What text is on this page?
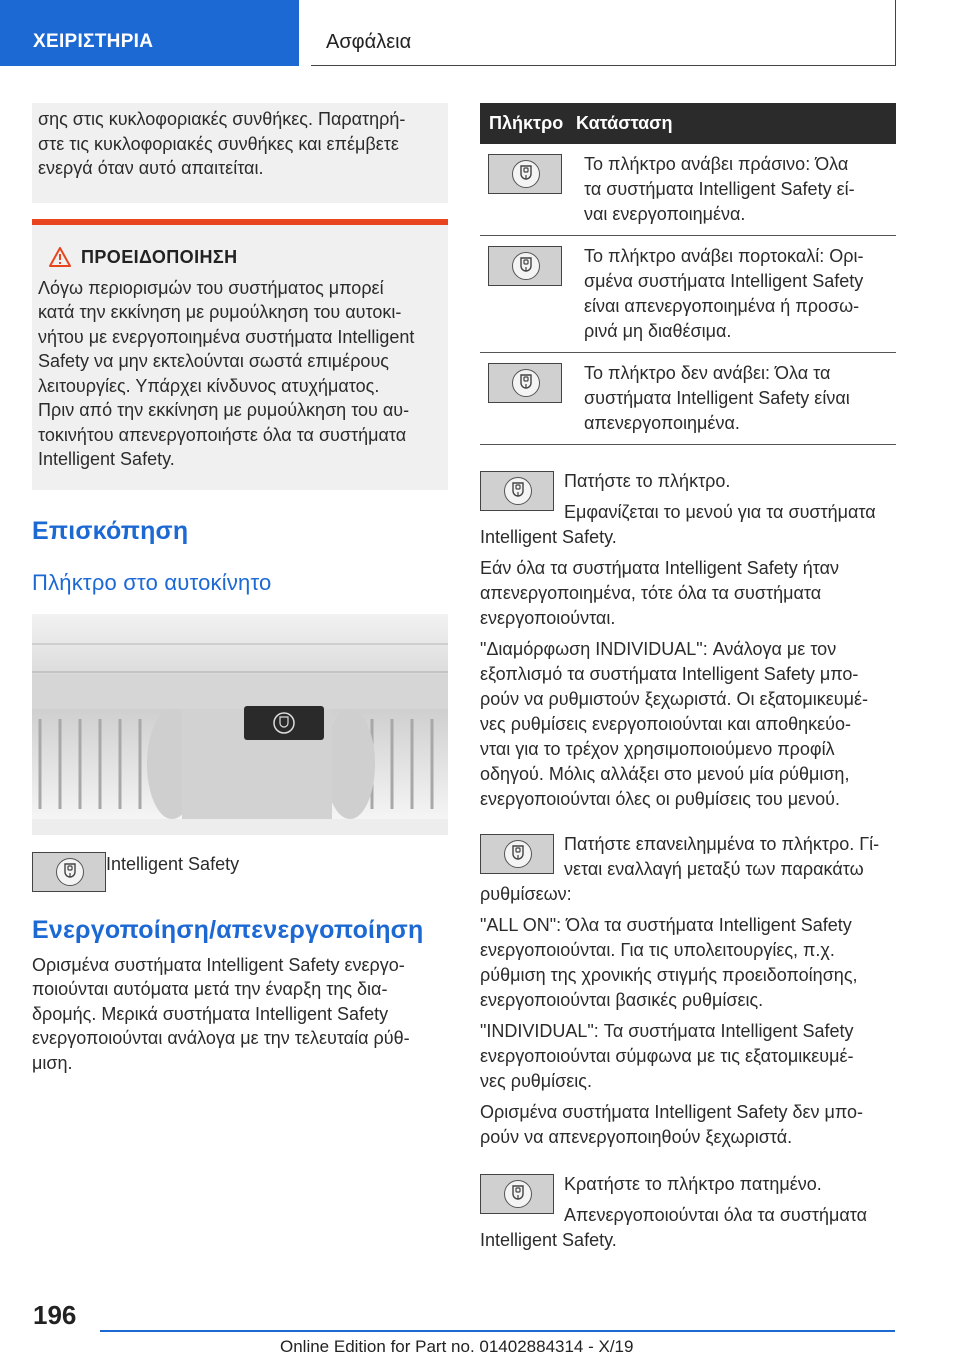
ΧΕΙΡΙΣΤΗΡΙΑ	Ασφάλεια
σης στις κυκλοφοριακές συνθήκες. Παρατηρή-
στε τις κυκλοφοριακές συνθήκες και επέμβετε
ενεργά όταν αυτό απαιτείται.
ΠΡΟΕΙΔΟΠΟΙΗΣΗ
Λόγω περιορισμών του συστήματος μπορεί
κατά την εκκίνηση με ρυμούλκηση του αυτοκι-
νήτου με ενεργοποιημένα συστήματα Intelligent
Safety να μην εκτελούνται σωστά επιμέρους
λειτουργίες. Υπάρχει κίνδυνος ατυχήματος.
Πριν από την εκκίνηση με ρυμούλκηση του αυ-
τοκινήτου απενεργοποιήστε όλα τα συστήματα
Intelligent Safety.
Επισκόπηση
Πλήκτρο στο αυτοκίνητο
Intelligent Safety
Ενεργοποίηση/απενεργοποίηση
Ορισμένα συστήματα Intelligent Safety ενεργο-
ποιούνται αυτόματα μετά την έναρξη της δια-
δρομής. Μερικά συστήματα Intelligent Safety
ενεργοποιούνται ανάλογα με την τελευταία ρύθ-
μιση.
Πλήκτρο Κατάσταση
Το πλήκτρο ανάβει πράσινο: Όλα
τα συστήματα Intelligent Safety εί-
ναι ενεργοποιημένα.
Το πλήκτρο ανάβει πορτοκαλί: Ορι-
σμένα συστήματα Intelligent Safety
είναι απενεργοποιημένα ή προσω-
ρινά μη διαθέσιμα.
Το πλήκτρο δεν ανάβει: Όλα τα
συστήματα Intelligent Safety είναι
απενεργοποιημένα.
Πατήστε το πλήκτρο.
Εμφανίζεται το μενού για τα συστήματα
Intelligent Safety.
Εάν όλα τα συστήματα Intelligent Safety ήταν
απενεργοποιημένα, τότε όλα τα συστήματα
ενεργοποιούνται.
"Διαμόρφωση INDIVIDUAL": Ανάλογα με τον
εξοπλισμό τα συστήματα Intelligent Safety μπο-
ρούν να ρυθμιστούν ξεχωριστά. Οι εξατομικευμέ-
νες ρυθμίσεις ενεργοποιούνται και αποθηκεύο-
νται για το τρέχον χρησιμοποιούμενο προφίλ
οδηγού. Μόλις αλλάξει στο μενού μία ρύθμιση,
ενεργοποιούνται όλες οι ρυθμίσεις του μενού.
Πατήστε επανειλημμένα το πλήκτρο. Γί-
νεται εναλλαγή μεταξύ των παρακάτω
ρυθμίσεων:
"ALL ON": Όλα τα συστήματα Intelligent Safety
ενεργοποιούνται. Για τις υπολειτουργίες, π.χ.
ρύθμιση της χρονικής στιγμής προειδοποίησης,
ενεργοποιούνται βασικές ρυθμίσεις.
"INDIVIDUAL": Τα συστήματα Intelligent Safety
ενεργοποιούνται σύμφωνα με τις εξατομικευμέ-
νες ρυθμίσεις.
Ορισμένα συστήματα Intelligent Safety δεν μπο-
ρούν να απενεργοποιηθούν ξεχωριστά.
Κρατήστε το πλήκτρο πατημένο.
Απενεργοποιούνται όλα τα συστήματα
Intelligent Safety.
196
Online Edition for Part no. 01402884314 - X/19
